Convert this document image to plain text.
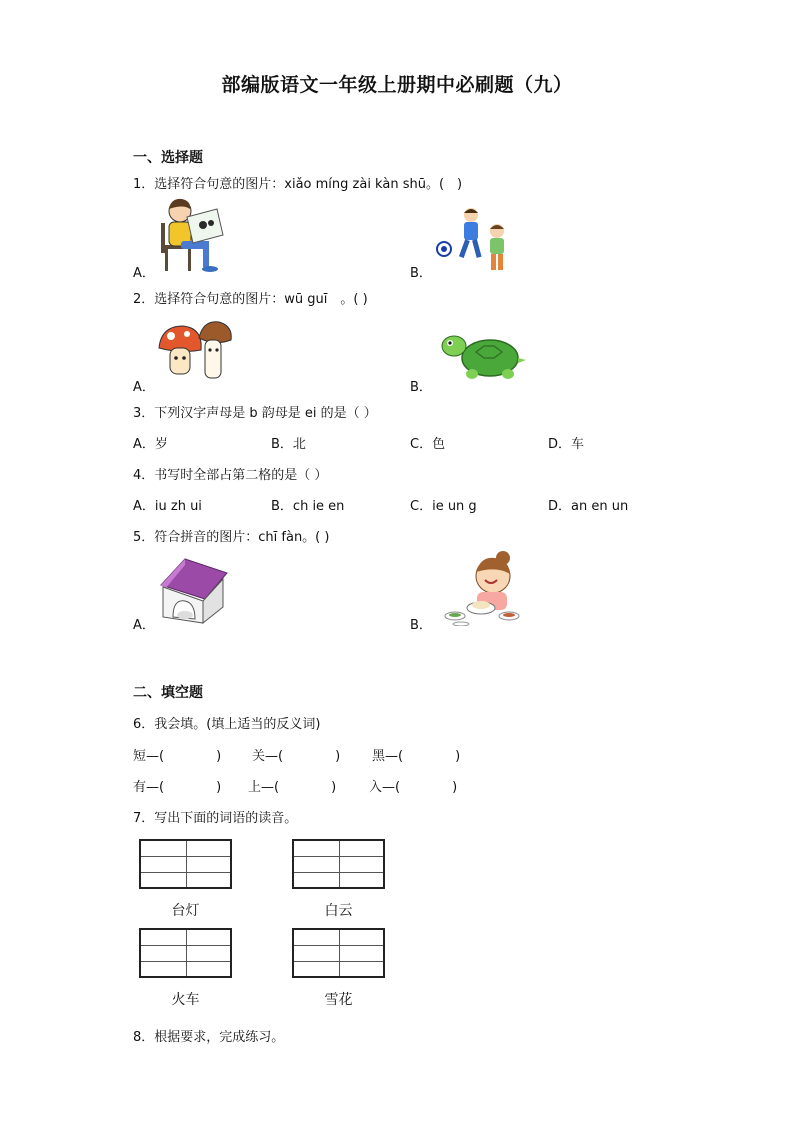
部编版语文一年级上册期中必刷题（九）
一、选择题
1．选择符合句意的图片：xiǎo míng zài kàn shū。(　)
A．	B．
2．选择符合句意的图片：wū guī　。( )
A．	B．
3．下列汉字声母是 b 韵母是 ei 的是（ ）
A．岁	B．北	C．色	D．车
4．书写时全部占第二格的是（ ）
A．iu zh ui	B．ch ie en	C．ie un g	D．an en un
5．符合拼音的图片：chī fàn。( )
A．	B．
二、填空题
6．我会填。(填上适当的反义词)
短—(　　　　) 关—(　　　　) 黑—(　　　　)
有—(　　　　) 上—(　　　　)	入—(　　　　)
7．写出下面的词语的读音。
台灯	白云
火车	雪花
8．根据要求，完成练习。
